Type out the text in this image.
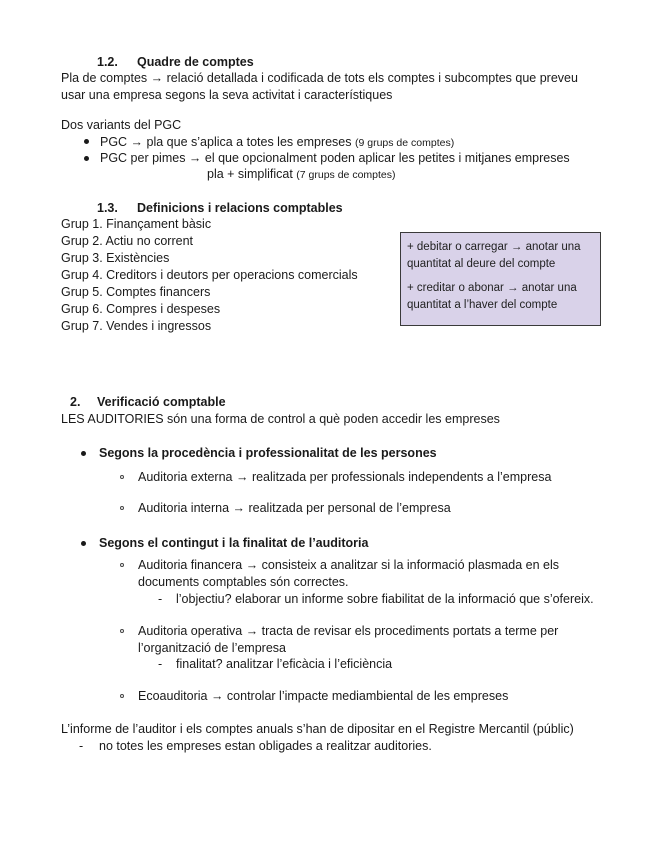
1.2. Quadre de comptes
Pla de comptes → relació detallada i codificada de tots els comptes i subcomptes que preveu
usar una empresa segons la seva activitat i característiques
Dos variants del PGC
PGC → pla que s’aplica a totes les empreses (9 grups de comptes)
PGC per pimes → el que opcionalment poden aplicar les petites i mitjanes empreses
pla + simplificat (7 grups de comptes)
1.3. Definicions i relacions comptables
Grup 1. Finançament bàsic
Grup 2. Actiu no corrent
Grup 3. Existències
Grup 4. Creditors i deutors per operacions comercials
Grup 5. Comptes financers
Grup 6. Compres i despeses
Grup 7. Vendes i ingressos
+ debitar o carregar → anotar una
quantitat al deure del compte
+ creditar o abonar → anotar una
quantitat a l’haver del compte
2. Verificació comptable
LES AUDITORIES són una forma de control a què poden accedir les empreses
Segons la procedència i professionalitat de les persones
Auditoria externa → realitzada per professionals independents a l’empresa
Auditoria interna → realitzada per personal de l’empresa
Segons el contingut i la finalitat de l’auditoria
Auditoria financera → consisteix a analitzar si la informació plasmada en els
documents comptables són correctes.
- l’objectiu? elaborar un informe sobre fiabilitat de la informació que s’ofereix.
Auditoria operativa → tracta de revisar els procediments portats a terme per
l’organització de l’empresa
- finalitat? analitzar l’eficàcia i l’eficiència
Ecoauditoria → controlar l’impacte mediambiental de les empreses
L’informe de l’auditor i els comptes anuals s’han de dipositar en el Registre Mercantil (públic)
- no totes les empreses estan obligades a realitzar auditories.
